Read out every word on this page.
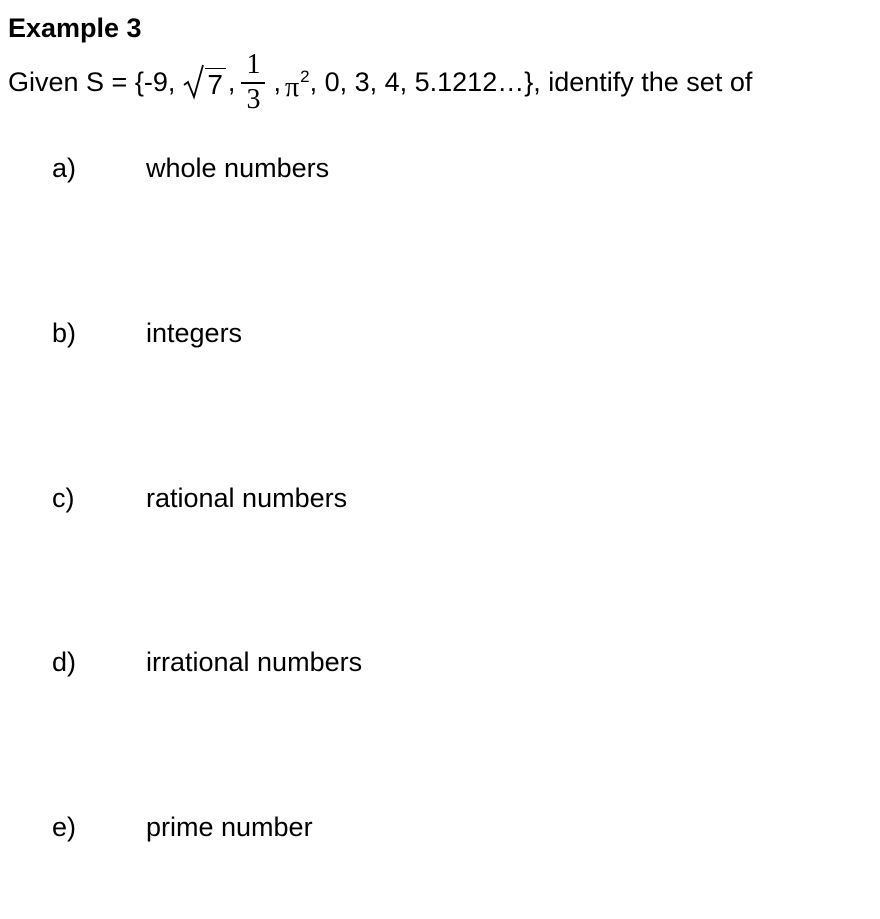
Example 3
Given S = {-9, 7 , $\frac{1}{3}$ , $\pi^2$ , 0, 3, 4, 5.1212…}, identify the set of
a)	whole numbers
b)	integers
c)	rational numbers
d)	irrational numbers
e)	prime number
